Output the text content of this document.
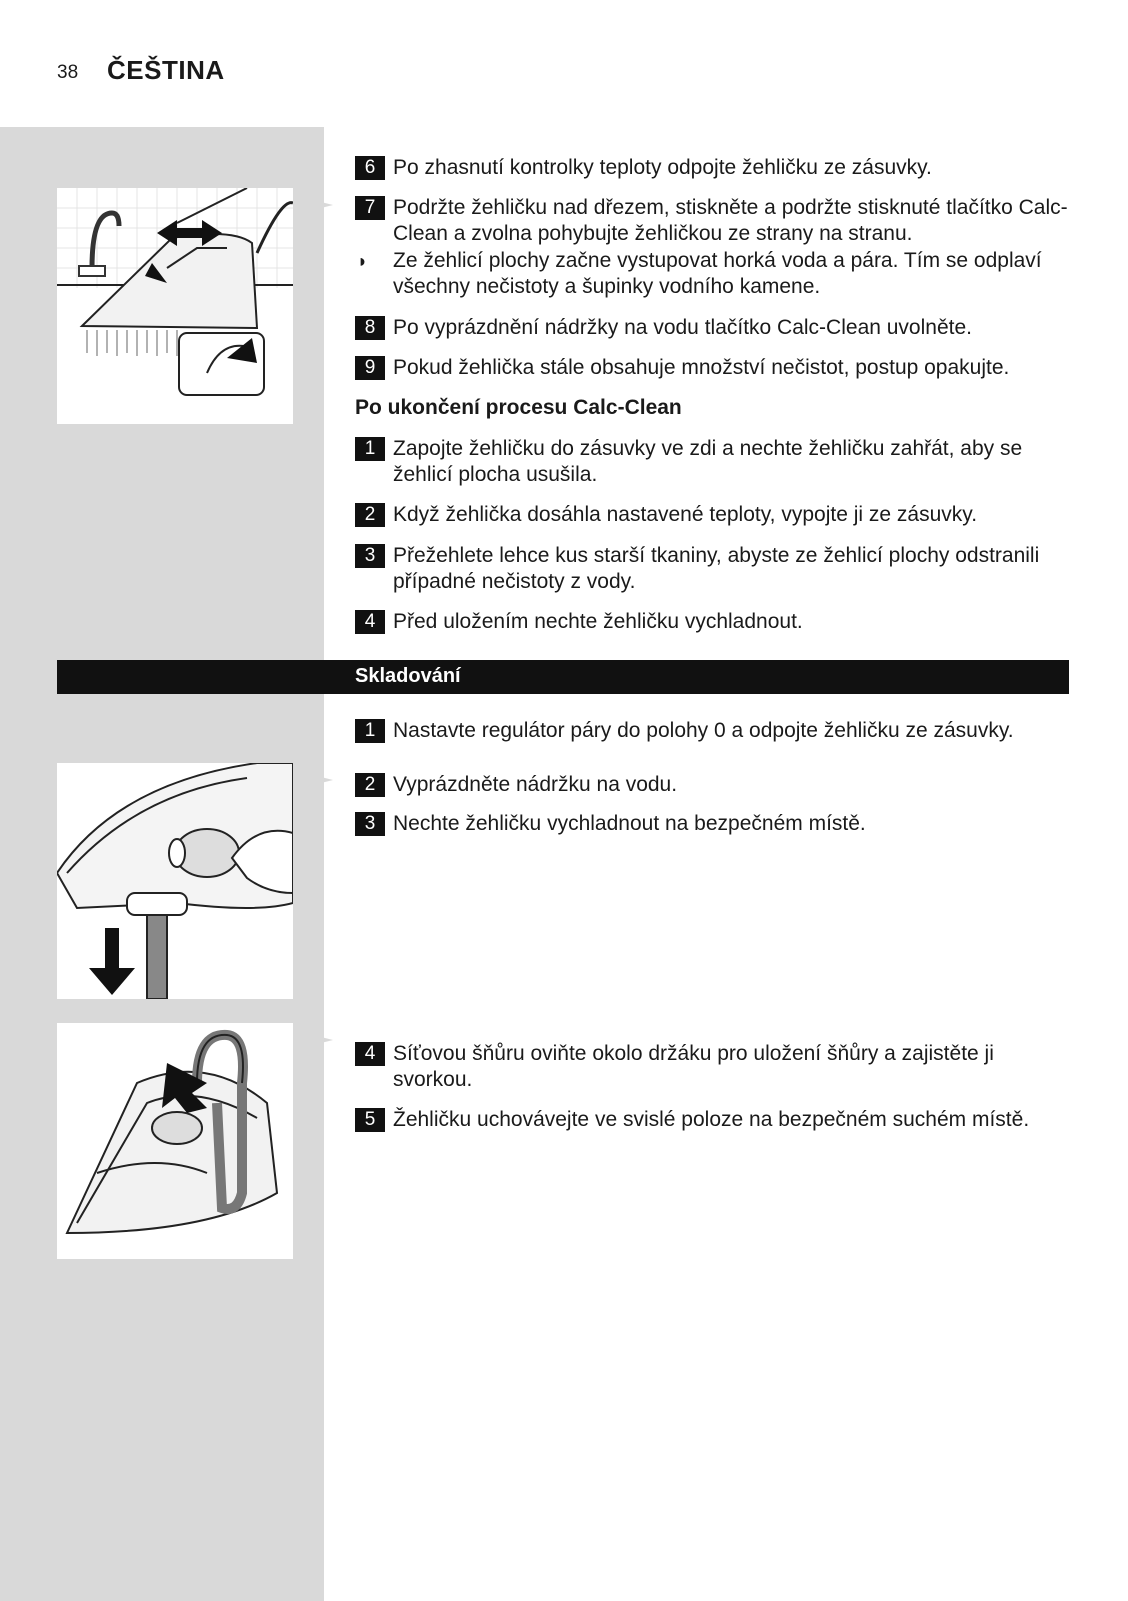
38 ČEŠTINA
6 Po zhasnutí kontrolky teploty odpojte žehličku ze zásuvky.
7 Podržte žehličku nad dřezem, stiskněte a podržte stisknuté tlačítko Calc-Clean a zvolna pohybujte žehličkou ze strany na stranu.
◗ Ze žehlicí plochy začne vystupovat horká voda a pára. Tím se odplaví všechny nečistoty a šupinky vodního kamene.
8 Po vyprázdnění nádržky na vodu tlačítko Calc-Clean uvolněte.
9 Pokud žehlička stále obsahuje množství nečistot, postup opakujte.
Po ukončení procesu Calc-Clean
1 Zapojte žehličku do zásuvky ve zdi a nechte žehličku zahřát, aby se žehlicí plocha usušila.
2 Když žehlička dosáhla nastavené teploty, vypojte ji ze zásuvky.
3 Přežehlete lehce kus starší tkaniny, abyste ze žehlicí plochy odstranili případné nečistoty z vody.
4 Před uložením nechte žehličku vychladnout.
Skladování
1 Nastavte regulátor páry do polohy 0 a odpojte žehličku ze zásuvky.
2 Vyprázdněte nádržku na vodu.
3 Nechte žehličku vychladnout na bezpečném místě.
4 Síťovou šňůru oviňte okolo držáku pro uložení šňůry a zajistěte ji svorkou.
5 Žehličku uchovávejte ve svislé poloze na bezpečném suchém místě.
